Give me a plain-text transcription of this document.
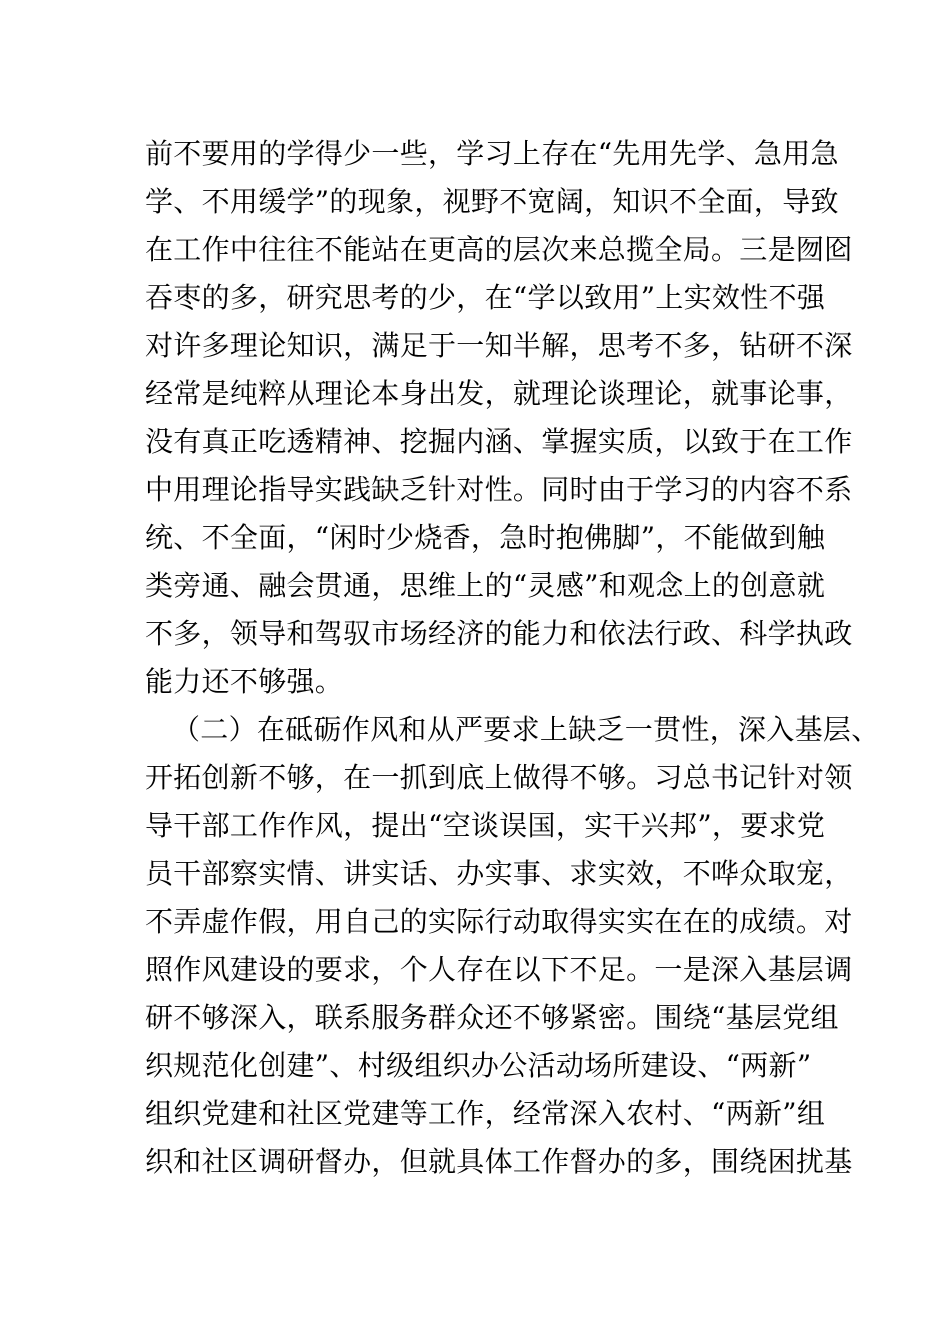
前不要用的学得少一些，学习上存在“先用先学、急用急
学、不用缓学”的现象，视野不宽阔，知识不全面，导致
在工作中往往不能站在更高的层次来总揽全局。三是囫囵
吞枣的多，研究思考的少，在“学以致用”上实效性不强
对许多理论知识，满足于一知半解，思考不多，钻研不深
经常是纯粹从理论本身出发，就理论谈理论，就事论事，
没有真正吃透精神、挖掘内涵、掌握实质，以致于在工作
中用理论指导实践缺乏针对性。同时由于学习的内容不系
统、不全面，“闲时少烧香，急时抱佛脚”，不能做到触
类旁通、融会贯通，思维上的“灵感”和观念上的创意就
不多，领导和驾驭市场经济的能力和依法行政、科学执政
能力还不够强。
（二）在砥砺作风和从严要求上缺乏一贯性，深入基层、
开拓创新不够，在一抓到底上做得不够。习总书记针对领
导干部工作作风，提出“空谈误国，实干兴邦”，要求党
员干部察实情、讲实话、办实事、求实效，不哗众取宠，
不弄虚作假，用自己的实际行动取得实实在在的成绩。对
照作风建设的要求，个人存在以下不足。一是深入基层调
研不够深入，联系服务群众还不够紧密。围绕“基层党组
织规范化创建”、村级组织办公活动场所建设、“两新”
组织党建和社区党建等工作，经常深入农村、“两新”组
织和社区调研督办，但就具体工作督办的多，围绕困扰基
